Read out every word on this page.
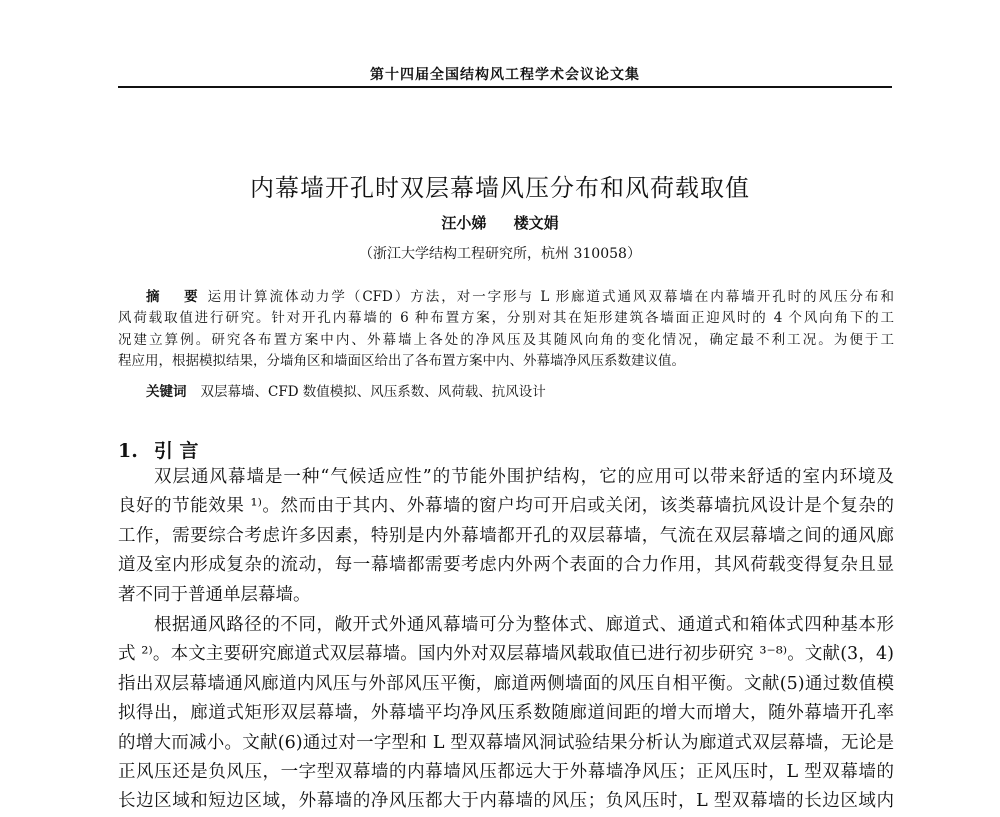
第十四届全国结构风工程学术会议论文集
内幕墙开孔时双层幕墙风压分布和风荷载取值
汪小娣 楼文娟
（浙江大学结构工程研究所，杭州 310058）
摘 要运用计算流体动力学（CFD）方法，对一字形与 L 形廊道式通风双幕墙在内幕墙开孔时的风压分布和
风荷载取值进行研究。针对开孔内幕墙的 6 种布置方案，分别对其在矩形建筑各墙面正迎风时的 4 个风向角下的工
况建立算例。研究各布置方案中内、外幕墙上各处的净风压及其随风向角的变化情况，确定最不利工况。为便于工
程应用，根据模拟结果，分墙角区和墙面区给出了各布置方案中内、外幕墙净风压系数建议值。
关键词 双层幕墙、CFD 数值模拟、风压系数、风荷载、抗风设计
1. 引 言
双层通风幕墙是一种“气候适应性”的节能外围护结构，它的应用可以带来舒适的室内环境及
良好的节能效果 ¹⁾。然而由于其内、外幕墙的窗户均可开启或关闭，该类幕墙抗风设计是个复杂的
工作，需要综合考虑许多因素，特别是内外幕墙都开孔的双层幕墙，气流在双层幕墙之间的通风廊
道及室内形成复杂的流动，每一幕墙都需要考虑内外两个表面的合力作用，其风荷载变得复杂且显
著不同于普通单层幕墙。
根据通风路径的不同，敞开式外通风幕墙可分为整体式、廊道式、通道式和箱体式四种基本形
式 ²⁾。本文主要研究廊道式双层幕墙。国内外对双层幕墙风载取值已进行初步研究 ³⁻⁸⁾。文献(3，4)
指出双层幕墙通风廊道内风压与外部风压平衡，廊道两侧墙面的风压自相平衡。文献(5)通过数值模
拟得出，廊道式矩形双层幕墙，外幕墙平均净风压系数随廊道间距的增大而增大，随外幕墙开孔率
的增大而减小。文献(6)通过对一字型和 L 型双幕墙风洞试验结果分析认为廊道式双层幕墙，无论是
正风压还是负风压，一字型双幕墙的内幕墙风压都远大于外幕墙净风压；正风压时，L 型双幕墙的
长边区域和短边区域，外幕墙的净风压都大于内幕墙的风压；负风压时，L 型双幕墙的长边区域内
